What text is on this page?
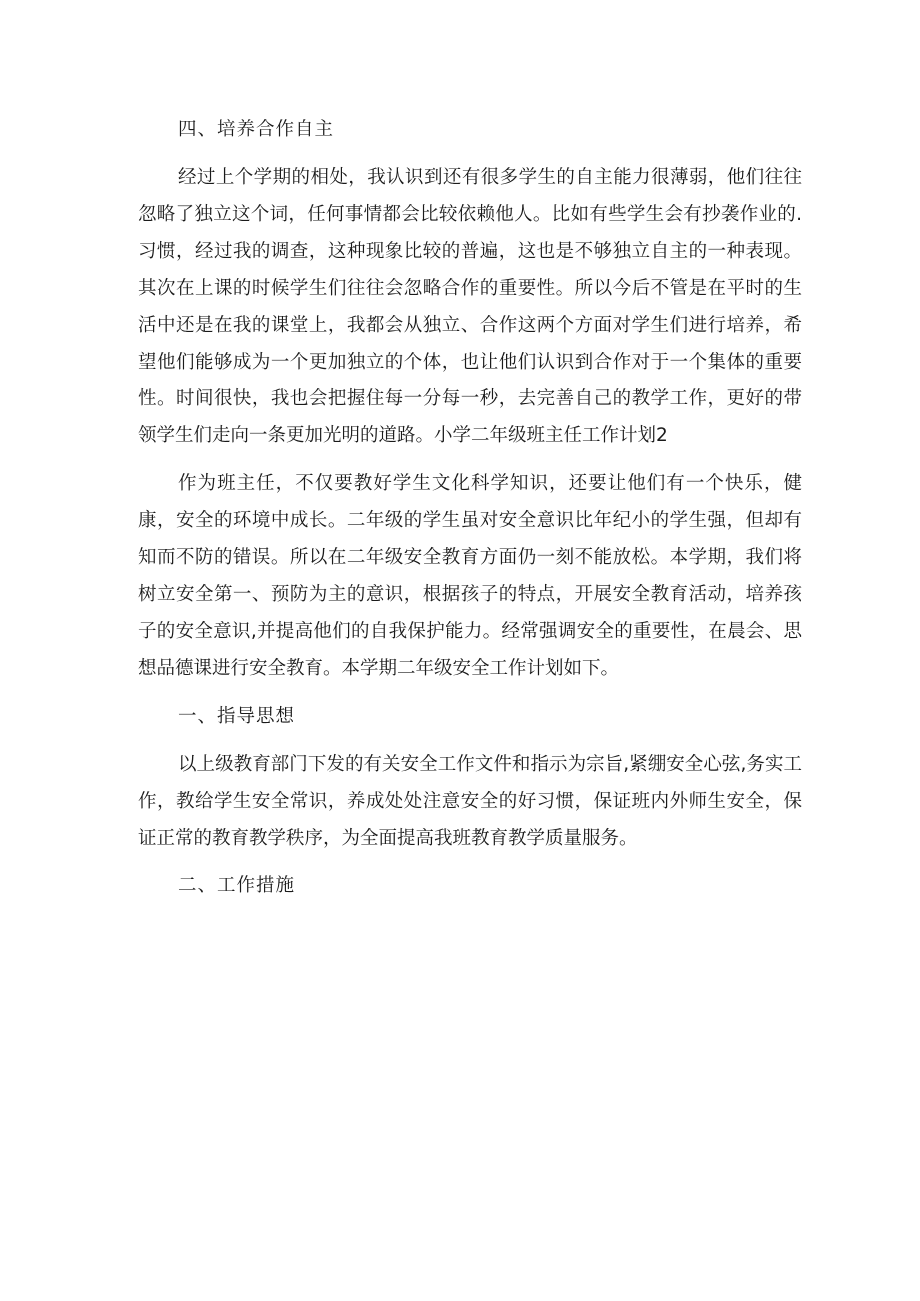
四、培养合作自主

经过上个学期的相处，我认识到还有很多学生的自主能力很薄弱，他们往往忽略了独立这个词，任何事情都会比较依赖他人。比如有些学生会有抄袭作业的.习惯，经过我的调查，这种现象比较的普遍，这也是不够独立自主的一种表现。其次在上课的时候学生们往往会忽略合作的重要性。所以今后不管是在平时的生活中还是在我的课堂上，我都会从独立、合作这两个方面对学生们进行培养，希望他们能够成为一个更加独立的个体，也让他们认识到合作对于一个集体的重要性。时间很快，我也会把握住每一分每一秒，去完善自己的教学工作，更好的带领学生们走向一条更加光明的道路。小学二年级班主任工作计划2

作为班主任，不仅要教好学生文化科学知识，还要让他们有一个快乐，健康，安全的环境中成长。二年级的学生虽对安全意识比年纪小的学生强，但却有知而不防的错误。所以在二年级安全教育方面仍一刻不能放松。本学期，我们将树立安全第一、预防为主的意识，根据孩子的特点，开展安全教育活动，培养孩子的安全意识,并提高他们的自我保护能力。经常强调安全的重要性，在晨会、思想品德课进行安全教育。本学期二年级安全工作计划如下。

一、指导思想

以上级教育部门下发的有关安全工作文件和指示为宗旨,紧绷安全心弦,务实工作，教给学生安全常识，养成处处注意安全的好习惯，保证班内外师生安全，保证正常的教育教学秩序，为全面提高我班教育教学质量服务。

二、工作措施
